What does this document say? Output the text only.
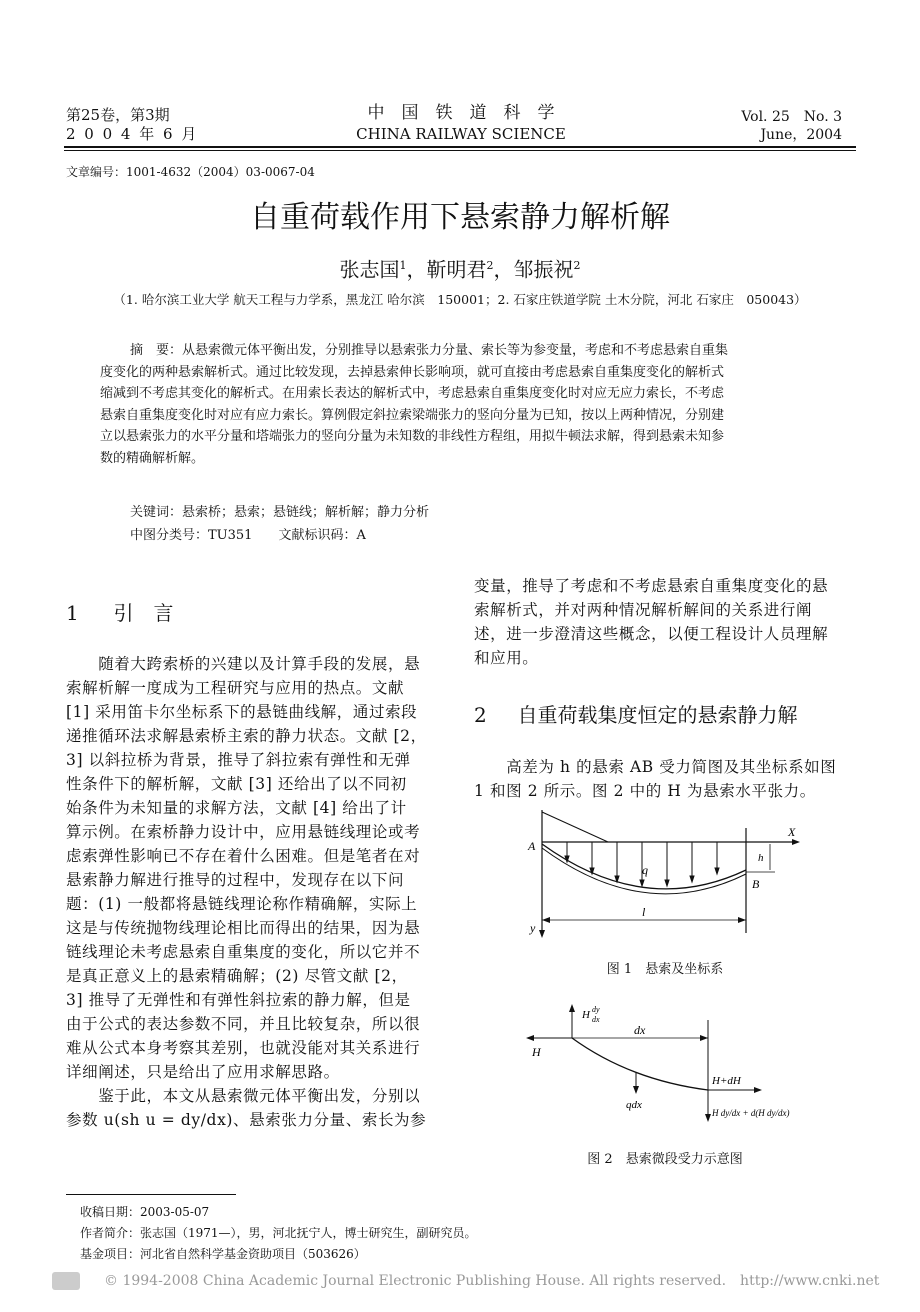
第25卷，第3期
2 0 0 4 年 6 月
中　国　铁　道　科　学
CHINA RAILWAY SCIENCE
Vol. 25　No. 3
June，2004
文章编号：1001-4632（2004）03-0067-04
自重荷载作用下悬索静力解析解
张志国$^1$，靳明君$^2$，邹振祝$^2$
（1. 哈尔滨工业大学 航天工程与力学系，黑龙江 哈尔滨　150001；2. 石家庄铁道学院 土木分院，河北 石家庄　050043）
摘　要：从悬索微元体平衡出发，分别推导以悬索张力分量、索长等为参变量，考虑和不考虑悬索自重集
度变化的两种悬索解析式。通过比较发现，去掉悬索伸长影响项，就可直接由考虑悬索自重集度变化的解析式
缩减到不考虑其变化的解析式。在用索长表达的解析式中，考虑悬索自重集度变化时对应无应力索长，不考虑
悬索自重集度变化时对应有应力索长。算例假定斜拉索梁端张力的竖向分量为已知，按以上两种情况，分别建
立以悬索张力的水平分量和塔端张力的竖向分量为未知数的非线性方程组，用拟牛顿法求解，得到悬索未知参
数的精确解析解。
关键词：悬索桥；悬索；悬链线；解析解；静力分析
中图分类号：TU351　　文献标识码：A
1 引　言
　　随着大跨索桥的兴建以及计算手段的发展，悬
索解析解一度成为工程研究与应用的热点。文献
[1] 采用笛卡尔坐标系下的悬链曲线解，通过索段
递推循环法求解悬索桥主索的静力状态。文献 [2，
3] 以斜拉桥为背景，推导了斜拉索有弹性和无弹
性条件下的解析解，文献 [3] 还给出了以不同初
始条件为未知量的求解方法，文献 [4] 给出了计
算示例。在索桥静力设计中，应用悬链线理论或考
虑索弹性影响已不存在着什么困难。但是笔者在对
悬索静力解进行推导的过程中，发现存在以下问
题：(1) 一般都将悬链线理论称作精确解，实际上
这是与传统抛物线理论相比而得出的结果，因为悬
链线理论未考虑悬索自重集度的变化，所以它并不
是真正意义上的悬索精确解；(2) 尽管文献 [2，
3] 推导了无弹性和有弹性斜拉索的静力解，但是
由于公式的表达参数不同，并且比较复杂，所以很
难从公式本身考察其差别，也就没能对其关系进行
详细阐述，只是给出了应用求解思路。
　　鉴于此，本文从悬索微元体平衡出发，分别以
参数 u(sh u = dy/dx)、悬索张力分量、索长为参
变量，推导了考虑和不考虑悬索自重集度变化的悬
索解析式，并对两种情况解析解间的关系进行阐
述，进一步澄清这些概念，以便工程设计人员理解
和应用。
2 自重荷载集度恒定的悬索静力解
　　高差为 h 的悬索 AB 受力简图及其坐标系如图
1 和图 2 所示。图 2 中的 H 为悬索水平张力。
X
A
B
h
q
l
y
图 1　悬索及坐标系
H dy
dx
dx
H
H+dH
qdx
H dy/dx + d(H dy/dx)
图 2　悬索微段受力示意图
收稿日期：2003-05-07
作者简介：张志国（1971—），男，河北抚宁人，博士研究生，副研究员。
基金项目：河北省自然科学基金资助项目（503626）
© 1994-2008 China Academic Journal Electronic Publishing House. All rights reserved.　http://www.cnki.net
